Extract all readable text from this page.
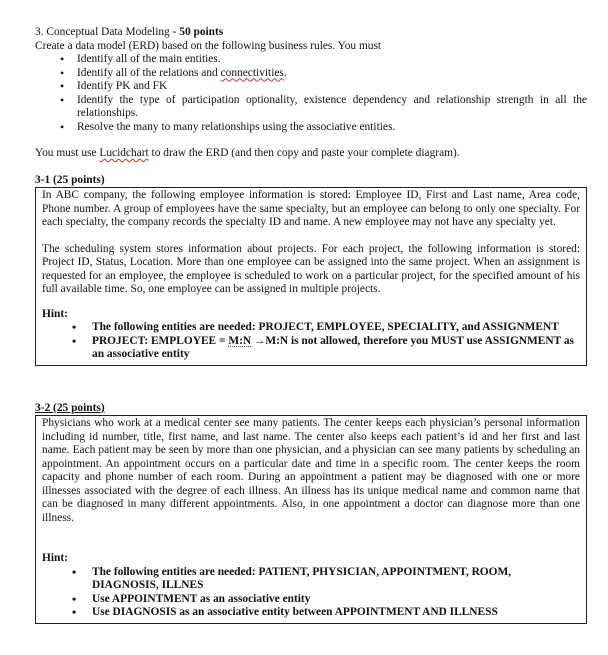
3. Conceptual Data Modeling - 50 points

Create a data model (ERD) based on the following business rules. You must

• Identify all of the main entities.
• Identify all of the relations and connectivities.
• Identify PK and FK
• Identify the type of participation optionality, existence dependency and relationship strength in all the relationships.
• Resolve the many to many relationships using the associative entities.

You must use Lucidchart to draw the ERD (and then copy and paste your complete diagram).

3-1 (25 points)

In ABC company, the following employee information is stored: Employee ID, First and Last name, Area code, Phone number. A group of employees have the same specialty, but an employee can belong to only one specialty. For each specialty, the company records the specialty ID and name. A new employee may not have any specialty yet.

The scheduling system stores information about projects. For each project, the following information is stored: Project ID, Status, Location. More than one employee can be assigned into the same project. When an assignment is requested for an employee, the employee is scheduled to work on a particular project, for the specified amount of his full available time. So, one employee can be assigned in multiple projects.

Hint:

• The following entities are needed: PROJECT, EMPLOYEE, SPECIALITY, and ASSIGNMENT
• PROJECT: EMPLOYEE = M:N →M:N is not allowed, therefore you MUST use ASSIGNMENT as an associative entity

3-2 (25 points)

Physicians who work at a medical center see many patients. The center keeps each physician’s personal information including id number, title, first name, and last name. The center also keeps each patient’s id and her first and last name. Each patient may be seen by more than one physician, and a physician can see many patients by scheduling an appointment. An appointment occurs on a particular date and time in a specific room. The center keeps the room capacity and phone number of each room. During an appointment a patient may be diagnosed with one or more illnesses associated with the degree of each illness. An illness has its unique medical name and common name that can be diagnosed in many different appointments. Also, in one appointment a doctor can diagnose more than one illness.

Hint:

• The following entities are needed: PATIENT, PHYSICIAN, APPOINTMENT, ROOM, DIAGNOSIS, ILLNES
• Use APPOINTMENT as an associative entity
• Use DIAGNOSIS as an associative entity between APPOINTMENT AND ILLNESS
